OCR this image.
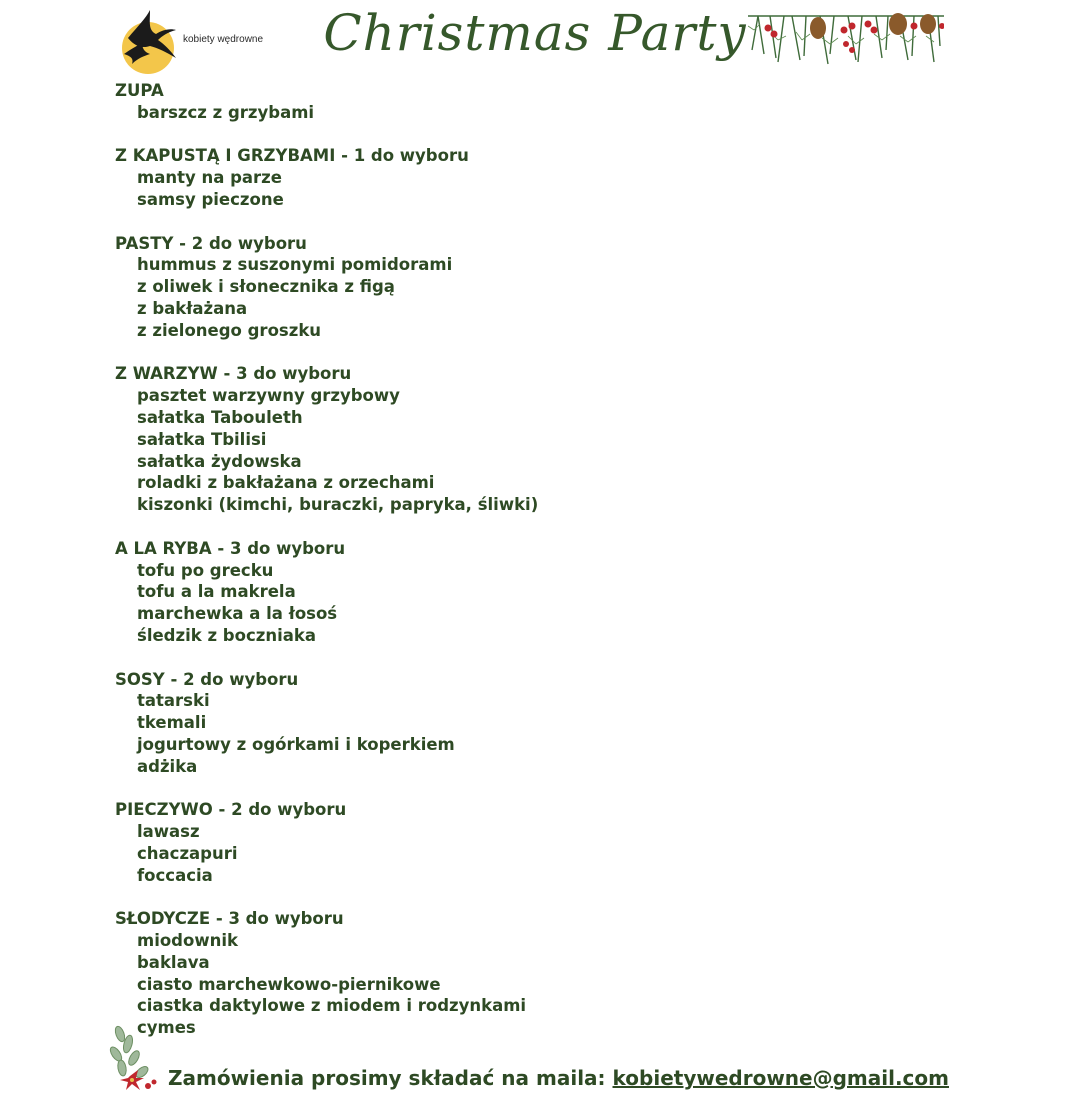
kobiety wędrowne	Christmas Party
ZUPA
barszcz z grzybami
Z KAPUSTĄ I GRZYBAMI - 1 do wyboru
manty na parze
samsy pieczone
PASTY - 2 do wyboru
hummus z suszonymi pomidorami
z oliwek i słonecznika z figą
z bakłażana
z zielonego groszku
Z WARZYW - 3 do wyboru
pasztet warzywny grzybowy
sałatka Tabouleth
sałatka Tbilisi
sałatka żydowska
roladki z bakłażana z orzechami
kiszonki (kimchi, buraczki, papryka, śliwki)
A LA RYBA - 3 do wyboru
tofu po grecku
tofu a la makrela
marchewka a la łosoś
śledzik z boczniaka
SOSY - 2 do wyboru
tatarski
tkemali
jogurtowy z ogórkami i koperkiem
adżika
PIECZYWO - 2 do wyboru
lawasz
chaczapuri
foccacia
SŁODYCZE - 3 do wyboru
miodownik
baklava
ciasto marchewkowo-piernikowe
ciastka daktylowe z miodem i rodzynkami
cymes
Zamówienia prosimy składać na maila: kobietywedrowne@gmail.com
